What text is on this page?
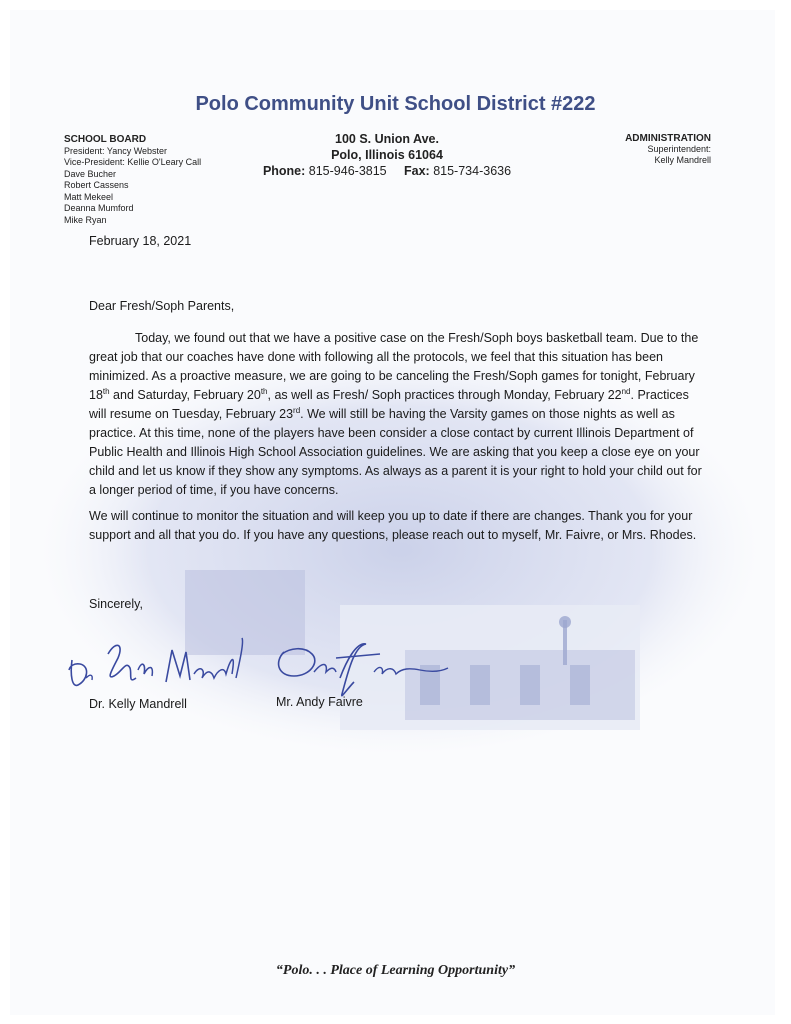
Polo Community Unit School District #222
SCHOOL BOARD
President: Yancy Webster
Vice-President: Kellie O'Leary Call
Dave Bucher
Robert Cassens
Matt Mekeel
Deanna Mumford
Mike Ryan
100 S. Union Ave.
Polo, Illinois 61064
Phone: 815-946-3815 Fax: 815-734-3636
ADMINISTRATION
Superintendent:
Kelly Mandrell
February 18, 2021
Dear Fresh/Soph Parents,

Today, we found out that we have a positive case on the Fresh/Soph boys basketball team. Due to the great job that our coaches have done with following all the protocols, we feel that this situation has been minimized. As a proactive measure, we are going to be canceling the Fresh/Soph games for tonight, February 18th and Saturday, February 20th, as well as Fresh/ Soph practices through Monday, February 22nd. Practices will resume on Tuesday, February 23rd. We will still be having the Varsity games on those nights as well as practice. At this time, none of the players have been consider a close contact by current Illinois Department of Public Health and Illinois High School Association guidelines. We are asking that you keep a close eye on your child and let us know if they show any symptoms. As always as a parent it is your right to hold your child out for a longer period of time, if you have concerns.

We will continue to monitor the situation and will keep you up to date if there are changes. Thank you for your support and all that you do. If you have any questions, please reach out to myself, Mr. Faivre, or Mrs. Rhodes.

Sincerely,
Dr. Kelly Mandrell	Mr. Andy Faivre
“Polo. . . Place of Learning Opportunity”
